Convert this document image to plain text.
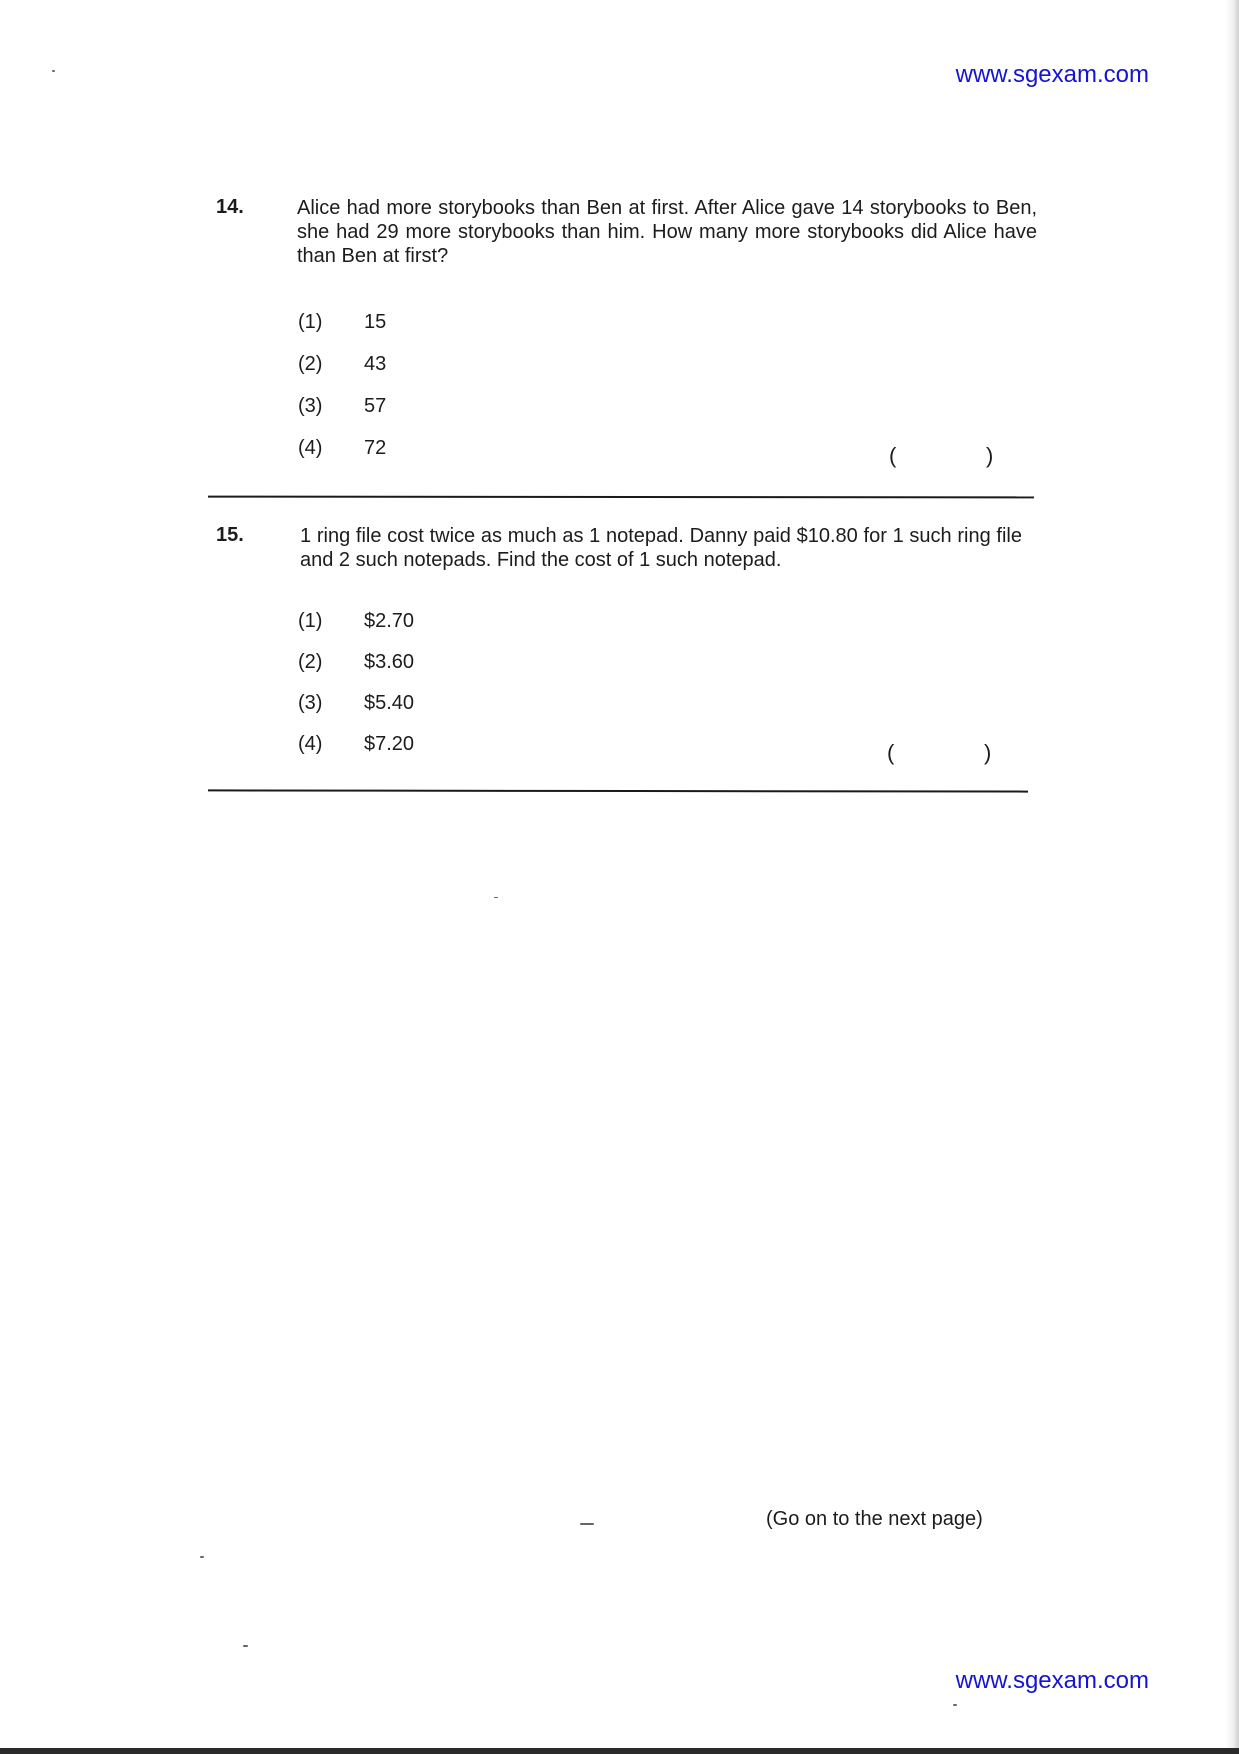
www.sgexam.com
14.	Alice had more storybooks than Ben at first. After Alice gave 14 storybooks to Ben, she had 29 more storybooks than him. How many more storybooks did Alice have than Ben at first?
(1) 15
(2) 43
(3) 57
(4) 72	(	)
15.	1 ring file cost twice as much as 1 notepad. Danny paid $10.80 for 1 such ring file and 2 such notepads. Find the cost of 1 such notepad.
(1) $2.70
(2) $3.60
(3) $5.40
(4) $7.20	(	)
(Go on to the next page)
www.sgexam.com
